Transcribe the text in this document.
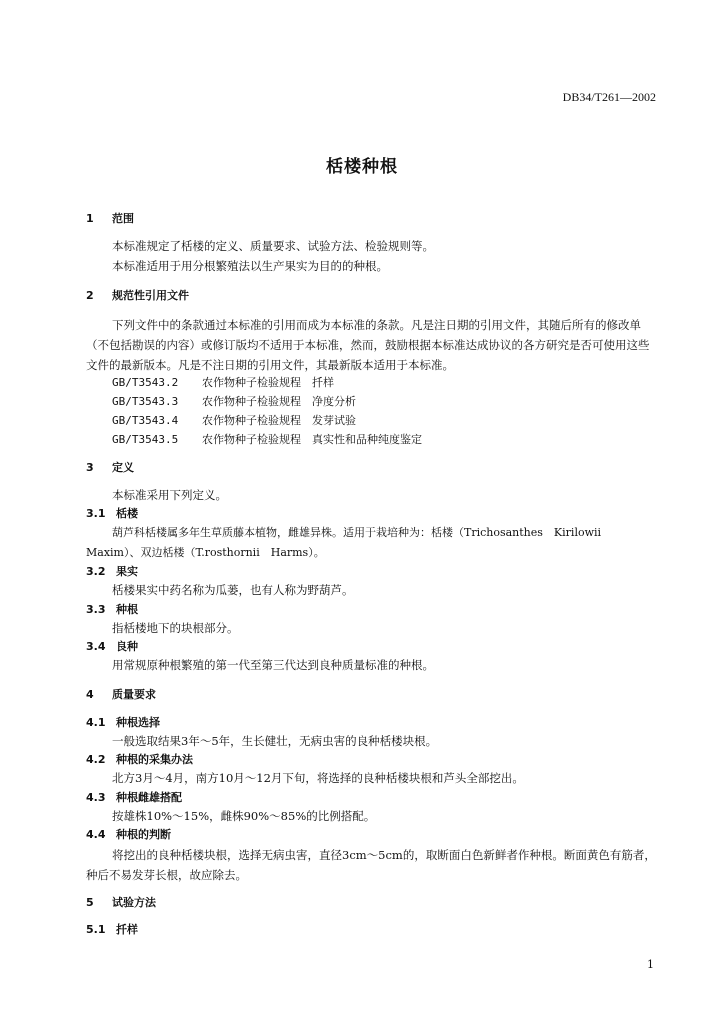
DB34/T261—2002
栝楼种根
1 范围
本标准规定了栝楼的定义、质量要求、试验方法、检验规则等。
本标准适用于用分根繁殖法以生产果实为目的的种根。
2 规范性引用文件

下列文件中的条款通过本标准的引用而成为本标准的条款。凡是注日期的引用文件，其随后所有的修改单（不包括勘误的内容）或修订版均不适用于本标准，然而，鼓励根据本标准达成协议的各方研究是否可使用这些文件的最新版本。凡是不注日期的引用文件，其最新版本适用于本标准。

GB/T3543.2 农作物种子检验规程　扦样
GB/T3543.3 农作物种子检验规程　净度分析
GB/T3543.4 农作物种子检验规程　发芽试验
GB/T3543.5 农作物种子检验规程　真实性和品种纯度鉴定
3 定义
本标准采用下列定义。
3.1 栝楼
葫芦科栝楼属多年生草质藤本植物，雌雄异株。适用于栽培种为：栝楼（Trichosanthes　Kirilowii
Maxim）、双边栝楼（T.rosthornii　Harms）。
3.2 果实
栝楼果实中药名称为瓜蒌，也有人称为野葫芦。
3.3 种根
指栝楼地下的块根部分。
3.4 良种
用常规原种根繁殖的第一代至第三代达到良种质量标准的种根。
4 质量要求
4.1 种根选择
一般选取结果3年～5年，生长健壮，无病虫害的良种栝楼块根。
4.2 种根的采集办法
北方3月～4月，南方10月～12月下旬，将选择的良种栝楼块根和芦头全部挖出。
4.3 种根雌雄搭配
按雄株10%～15%，雌株90%～85%的比例搭配。
4.4 种根的判断

将挖出的良种栝楼块根，选择无病虫害，直径3cm～5cm的，取断面白色新鲜者作种根。断面黄色有筋者，种后不易发芽长根，故应除去。

5 试验方法
5.1 扦样
1
